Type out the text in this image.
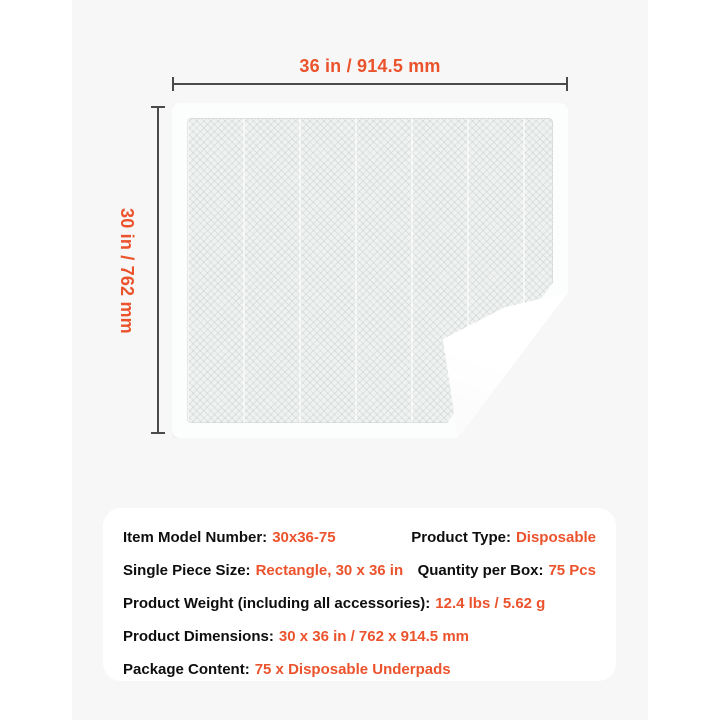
36 in / 914.5 mm
30 in / 762 mm
Item Model Number: 30x36-75	Product Type: Disposable
Single Piece Size: Rectangle, 30 x 36 in Quantity per Box: 75 Pcs
Product Weight (including all accessories): 12.4 lbs / 5.62 g
Product Dimensions: 30 x 36 in / 762 x 914.5 mm
Package Content: 75 x Disposable Underpads
